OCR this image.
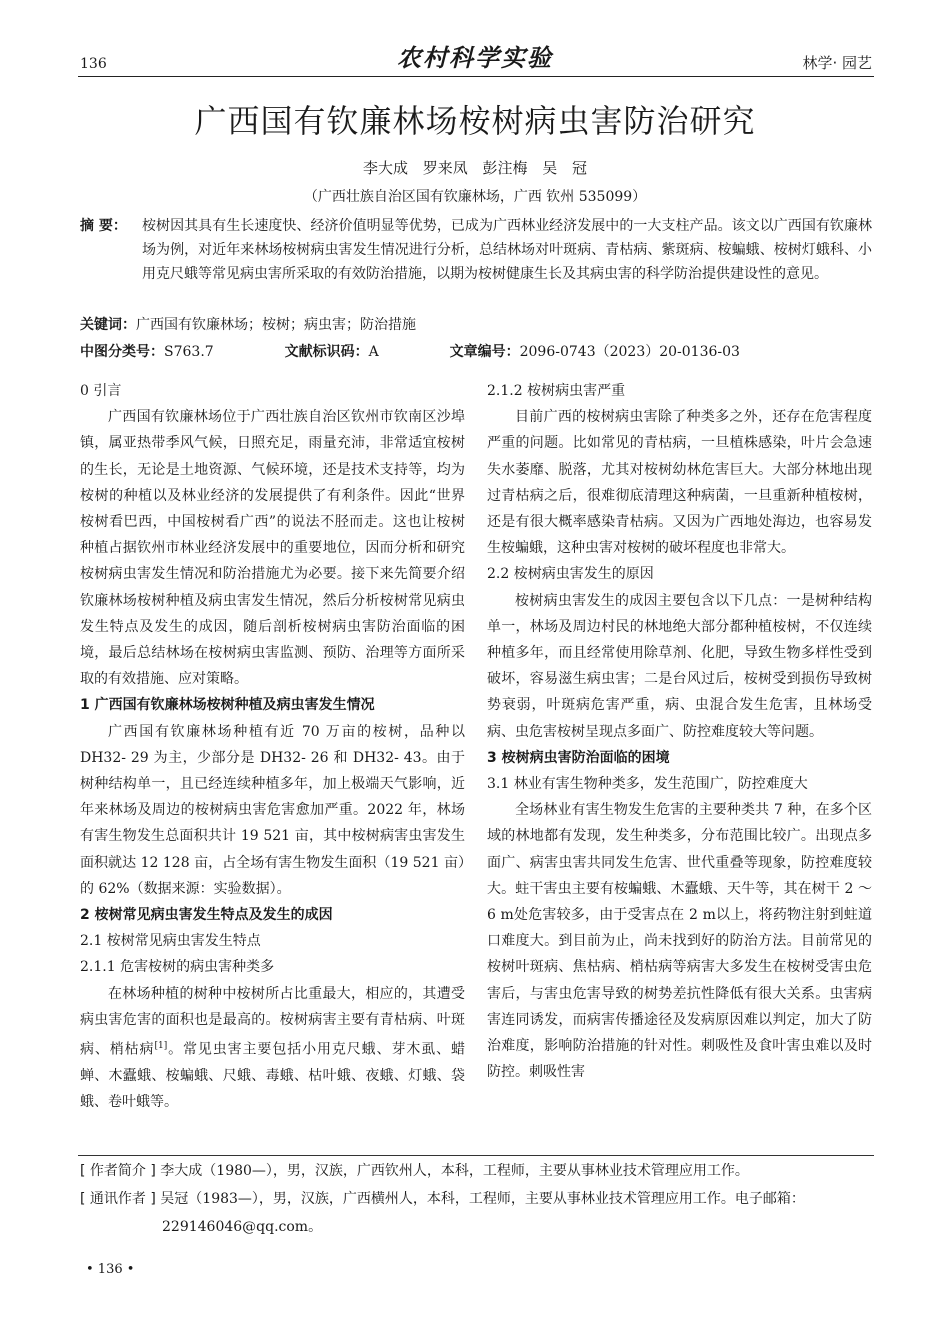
136	农村科学实验	林学· 园艺
广西国有钦廉林场桉树病虫害防治研究
李大成 罗来凤 彭注梅 吴 冠
（广西壮族自治区国有钦廉林场，广西 钦州 535099）
摘 要： 桉树因其具有生长速度快、经济价值明显等优势，已成为广西林业经济发展中的一大支柱产品。该文以广西国有钦廉林场为例，对近年来林场桉树病虫害发生情况进行分析，总结林场对叶斑病、青枯病、紫斑病、桉蝙蛾、桉树灯蛾科、小用克尺蛾等常见病虫害所采取的有效防治措施，以期为桉树健康生长及其病虫害的科学防治提供建设性的意见。
关键词：广西国有钦廉林场；桉树；病虫害；防治措施
中图分类号：S763.7	文献标识码：A	文章编号：2096-0743（2023）20-0136-03
0 引言

广西国有钦廉林场位于广西壮族自治区钦州市钦南区沙埠镇，属亚热带季风气候，日照充足，雨量充沛，非常适宜桉树的生长，无论是土地资源、气候环境，还是技术支持等，均为桉树的种植以及林业经济的发展提供了有利条件。因此“世界桉树看巴西，中国桉树看广西”的说法不胫而走。这也让桉树种植占据钦州市林业经济发展中的重要地位，因而分析和研究桉树病虫害发生情况和防治措施尤为必要。接下来先简要介绍钦廉林场桉树种植及病虫害发生情况，然后分析桉树常见病虫发生特点及发生的成因，随后剖析桉树病虫害防治面临的困境，最后总结林场在桉树病虫害监测、预防、治理等方面所采取的有效措施、应对策略。

1 广西国有钦廉林场桉树种植及病虫害发生情况

广西国有钦廉林场种植有近 70 万亩的桉树，品种以 DH32- 29 为主，少部分是 DH32- 26 和 DH32- 43。由于树种结构单一，且已经连续种植多年，加上极端天气影响，近年来林场及周边的桉树病虫害危害愈加严重。2022 年，林场有害生物发生总面积共计 19 521 亩，其中桉树病害虫害发生面积就达 12 128 亩，占全场有害生物发生面积（19 521 亩）的 62%（数据来源：实验数据）。

2 桉树常见病虫害发生特点及发生的成因
2.1 桉树常见病虫害发生特点
2.1.1 危害桉树的病虫害种类多

在林场种植的树种中桉树所占比重最大，相应的，其遭受病虫害危害的面积也是最高的。桉树病害主要有青枯病、叶斑病、梢枯病[1]。常见虫害主要包括小用克尺蛾、芽木虱、蜡蝉、木蠹蛾、桉蝙蛾、尺蛾、毒蛾、枯叶蛾、夜蛾、灯蛾、袋蛾、卷叶蛾等。

2.1.2 桉树病虫害严重

目前广西的桉树病虫害除了种类多之外，还存在危害程度严重的问题。比如常见的青枯病，一旦植株感染，叶片会急速失水萎靡、脱落，尤其对桉树幼林危害巨大。大部分林地出现过青枯病之后，很难彻底清理这种病菌，一旦重新种植桉树，还是有很大概率感染青枯病。又因为广西地处海边，也容易发生桉蝙蛾，这种虫害对桉树的破坏程度也非常大。

2.2 桉树病虫害发生的原因

桉树病虫害发生的成因主要包含以下几点：一是树种结构单一，林场及周边村民的林地绝大部分都种植桉树，不仅连续种植多年，而且经常使用除草剂、化肥，导致生物多样性受到破坏，容易滋生病虫害；二是台风过后，桉树受到损伤导致树势衰弱，叶斑病危害严重，病、虫混合发生危害，且林场受病、虫危害桉树呈现点多面广、防控难度较大等问题。

3 桉树病虫害防治面临的困境
3.1 林业有害生物种类多，发生范围广，防控难度大

全场林业有害生物发生危害的主要种类共 7 种，在多个区域的林地都有发现，发生种类多，分布范围比较广。出现点多面广、病害虫害共同发生危害、世代重叠等现象，防控难度较大。蛀干害虫主要有桉蝙蛾、木蠹蛾、天牛等，其在树干 2 ～ 6 m处危害较多，由于受害点在 2 m以上，将药物注射到蛀道口难度大。到目前为止，尚未找到好的防治方法。目前常见的桉树叶斑病、焦枯病、梢枯病等病害大多发生在桉树受害虫危害后，与害虫危害导致的树势差抗性降低有很大关系。虫害病害连同诱发，而病害传播途径及发病原因难以判定，加大了防治难度，影响防治措施的针对性。刺吸性及食叶害虫难以及时防控。刺吸性害

[ 作者简介 ] 李大成（1980—），男，汉族，广西钦州人，本科，工程师，主要从事林业技术管理应用工作。
[ 通讯作者 ] 吴冠（1983—），男，汉族，广西横州人，本科，工程师，主要从事林业技术管理应用工作。电子邮箱：
229146046@qq.com。
• 136 •
